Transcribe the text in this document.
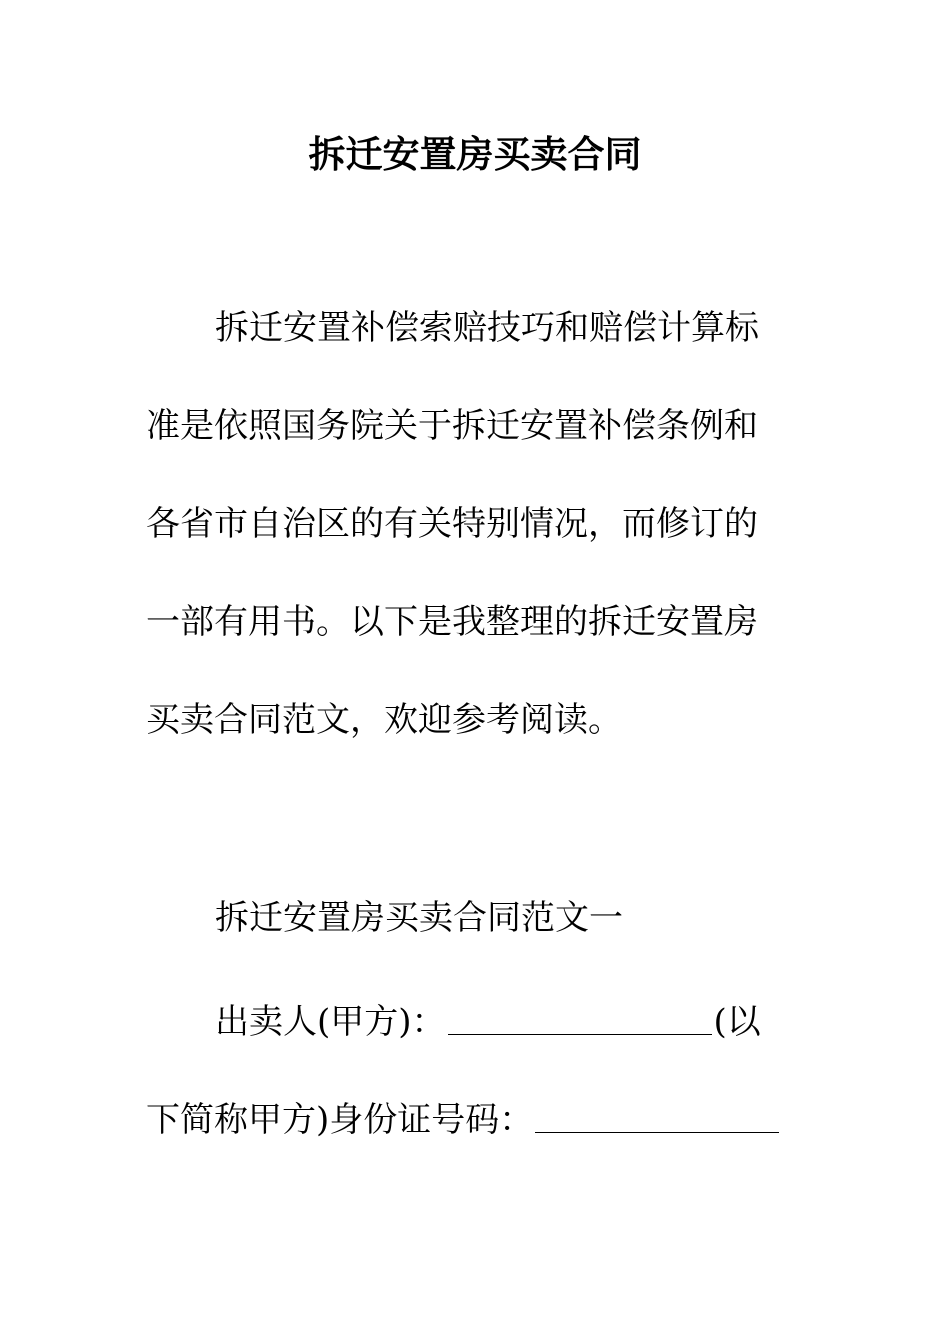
拆迁安置房买卖合同
拆迁安置补偿索赔技巧和赔偿计算标
准是依照国务院关于拆迁安置补偿条例和
各省市自治区的有关特别情况，而修订的
一部有用书。以下是我整理的拆迁安置房
买卖合同范文，欢迎参考阅读。
拆迁安置房买卖合同范文一
出卖人(甲方)：	(以
下简称甲方)身份证号码：
